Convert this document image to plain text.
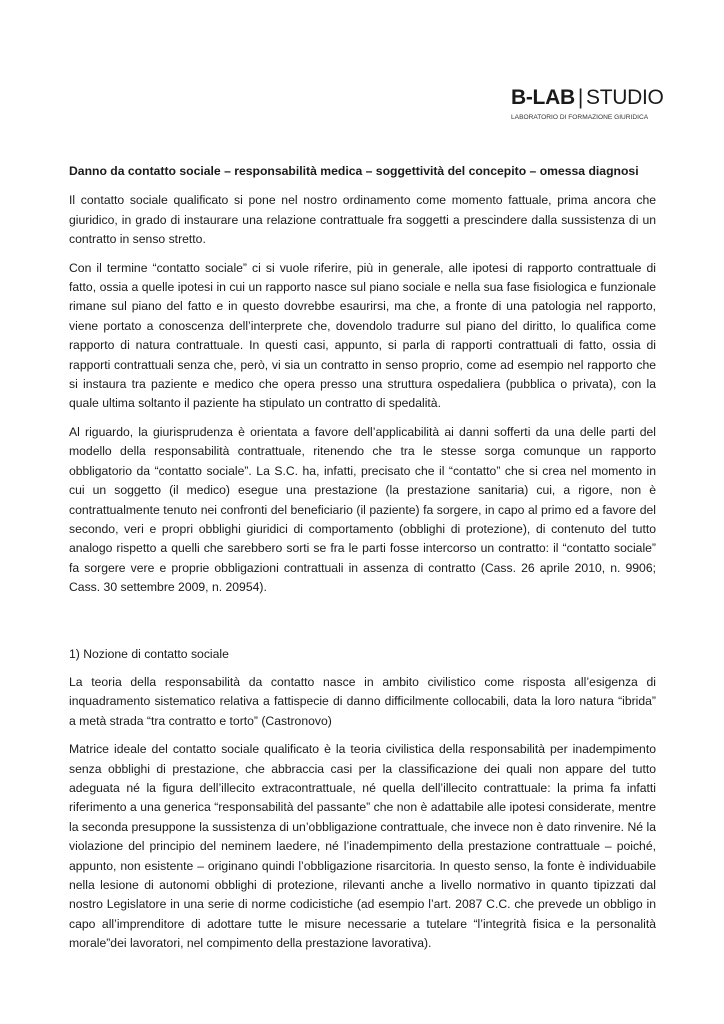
B-LAB | STUDIO
LABORATORIO DI FORMAZIONE GIURIDICA

Danno da contatto sociale – responsabilità medica – soggettività del concepito – omessa diagnosi

Il contatto sociale qualificato si pone nel nostro ordinamento come momento fattuale, prima ancora che giuridico, in grado di instaurare una relazione contrattuale fra soggetti a prescindere dalla sussistenza di un contratto in senso stretto.

Con il termine “contatto sociale” ci si vuole riferire, più in generale, alle ipotesi di rapporto contrattuale di fatto, ossia a quelle ipotesi in cui un rapporto nasce sul piano sociale e nella sua fase fisiologica e funzionale rimane sul piano del fatto e in questo dovrebbe esaurirsi, ma che, a fronte di una patologia nel rapporto, viene portato a conoscenza dell’interprete che, dovendolo tradurre sul piano del diritto, lo qualifica come rapporto di natura contrattuale. In questi casi, appunto, si parla di rapporti contrattuali di fatto, ossia di rapporti contrattuali senza che, però, vi sia un contratto in senso proprio, come ad esempio nel rapporto che si instaura tra paziente e medico che opera presso una struttura ospedaliera (pubblica o privata), con la quale ultima soltanto il paziente ha stipulato un contratto di spedalità.

Al riguardo, la giurisprudenza è orientata a favore dell’applicabilità ai danni sofferti da una delle parti del modello della responsabilità contrattuale, ritenendo che tra le stesse sorga comunque un rapporto obbligatorio da “contatto sociale”. La S.C. ha, infatti, precisato che il “contatto” che si crea nel momento in cui un soggetto (il medico) esegue una prestazione (la prestazione sanitaria) cui, a rigore, non è contrattualmente tenuto nei confronti del beneficiario (il paziente) fa sorgere, in capo al primo ed a favore del secondo, veri e propri obblighi giuridici di comportamento (obblighi di protezione), di contenuto del tutto analogo rispetto a quelli che sarebbero sorti se fra le parti fosse intercorso un contratto: il “contatto sociale” fa sorgere vere e proprie obbligazioni contrattuali in assenza di contratto (Cass. 26 aprile 2010, n. 9906; Cass. 30 settembre 2009, n. 20954).

1) Nozione di contatto sociale

La teoria della responsabilità da contatto nasce in ambito civilistico come risposta all’esigenza di inquadramento sistematico relativa a fattispecie di danno difficilmente collocabili, data la loro natura “ibrida” a metà strada “tra contratto e torto” (Castronovo)

Matrice ideale del contatto sociale qualificato è la teoria civilistica della responsabilità per inadempimento senza obblighi di prestazione, che abbraccia casi per la classificazione dei quali non appare del tutto adeguata né la figura dell’illecito extracontrattuale, né quella dell’illecito contrattuale: la prima fa infatti riferimento a una generica “responsabilità del passante” che non è adattabile alle ipotesi considerate, mentre la seconda presuppone la sussistenza di un’obbligazione contrattuale, che invece non è dato rinvenire. Né la violazione del principio del neminem laedere, né l’inadempimento della prestazione contrattuale – poiché, appunto, non esistente – originano quindi l’obbligazione risarcitoria. In questo senso, la fonte è individuabile nella lesione di autonomi obblighi di protezione, rilevanti anche a livello normativo in quanto tipizzati dal nostro Legislatore in una serie di norme codicistiche (ad esempio l’art. 2087 C.C. che prevede un obbligo in capo all’imprenditore di adottare tutte le misure necessarie a tutelare “l’integrità fisica e la personalità morale”dei lavoratori, nel compimento della prestazione lavorativa).
